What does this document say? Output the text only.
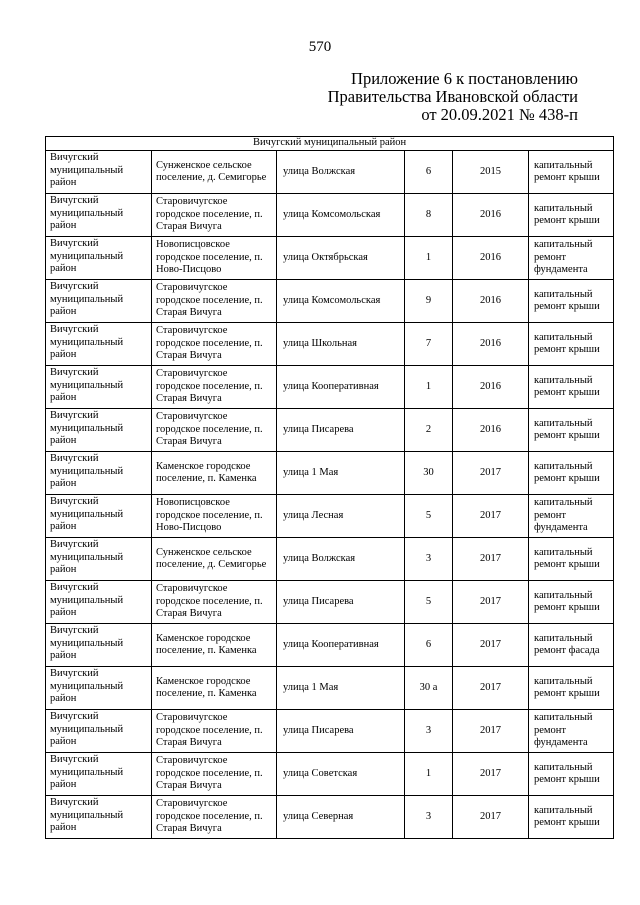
570
Приложение 6 к постановлению
Правительства Ивановской области
от 20.09.2021 № 438-п
Вичугский муниципальный район					
Вичугский муниципальный район	Сунженское сельское поселение, д. Семигорье	улица Волжская	6	2015	капитальный ремонт крыши
Вичугский муниципальный район	Старовичугское городское поселение, п. Старая Вичуга	улица Комсомольская	8	2016	капитальный ремонт крыши
Вичугский муниципальный район	Новописцовское городское поселение, п. Ново-Писцово	улица Октябрьская	1	2016	капитальный ремонт фундамента
Вичугский муниципальный район	Старовичугское городское поселение, п. Старая Вичуга	улица Комсомольская	9	2016	капитальный ремонт крыши
Вичугский муниципальный район	Старовичугское городское поселение, п. Старая Вичуга	улица Школьная	7	2016	капитальный ремонт крыши
Вичугский муниципальный район	Старовичугское городское поселение, п. Старая Вичуга	улица Кооперативная	1	2016	капитальный ремонт крыши
Вичугский муниципальный район	Старовичугское городское поселение, п. Старая Вичуга	улица Писарева	2	2016	капитальный ремонт крыши
Вичугский муниципальный район	Каменское городское поселение, п. Каменка	улица 1 Мая	30	2017	капитальный ремонт крыши
Вичугский муниципальный район	Новописцовское городское поселение, п. Ново-Писцово	улица Лесная	5	2017	капитальный ремонт фундамента
Вичугский муниципальный район	Сунженское сельское поселение, д. Семигорье	улица Волжская	3	2017	капитальный ремонт крыши
Вичугский муниципальный район	Старовичугское городское поселение, п. Старая Вичуга	улица Писарева	5	2017	капитальный ремонт крыши
Вичугский муниципальный район	Каменское городское поселение, п. Каменка	улица Кооперативная	6	2017	капитальный ремонт фасада
Вичугский муниципальный район	Каменское городское поселение, п. Каменка	улица 1 Мая	30 а	2017	капитальный ремонт крыши
Вичугский муниципальный район	Старовичугское городское поселение, п. Старая Вичуга	улица Писарева	3	2017	капитальный ремонт фундамента
Вичугский муниципальный район	Старовичугское городское поселение, п. Старая Вичуга	улица Советская	1	2017	капитальный ремонт крыши
Вичугский муниципальный район	Старовичугское городское поселение, п. Старая Вичуга	улица Северная	3	2017	капитальный ремонт крыши
